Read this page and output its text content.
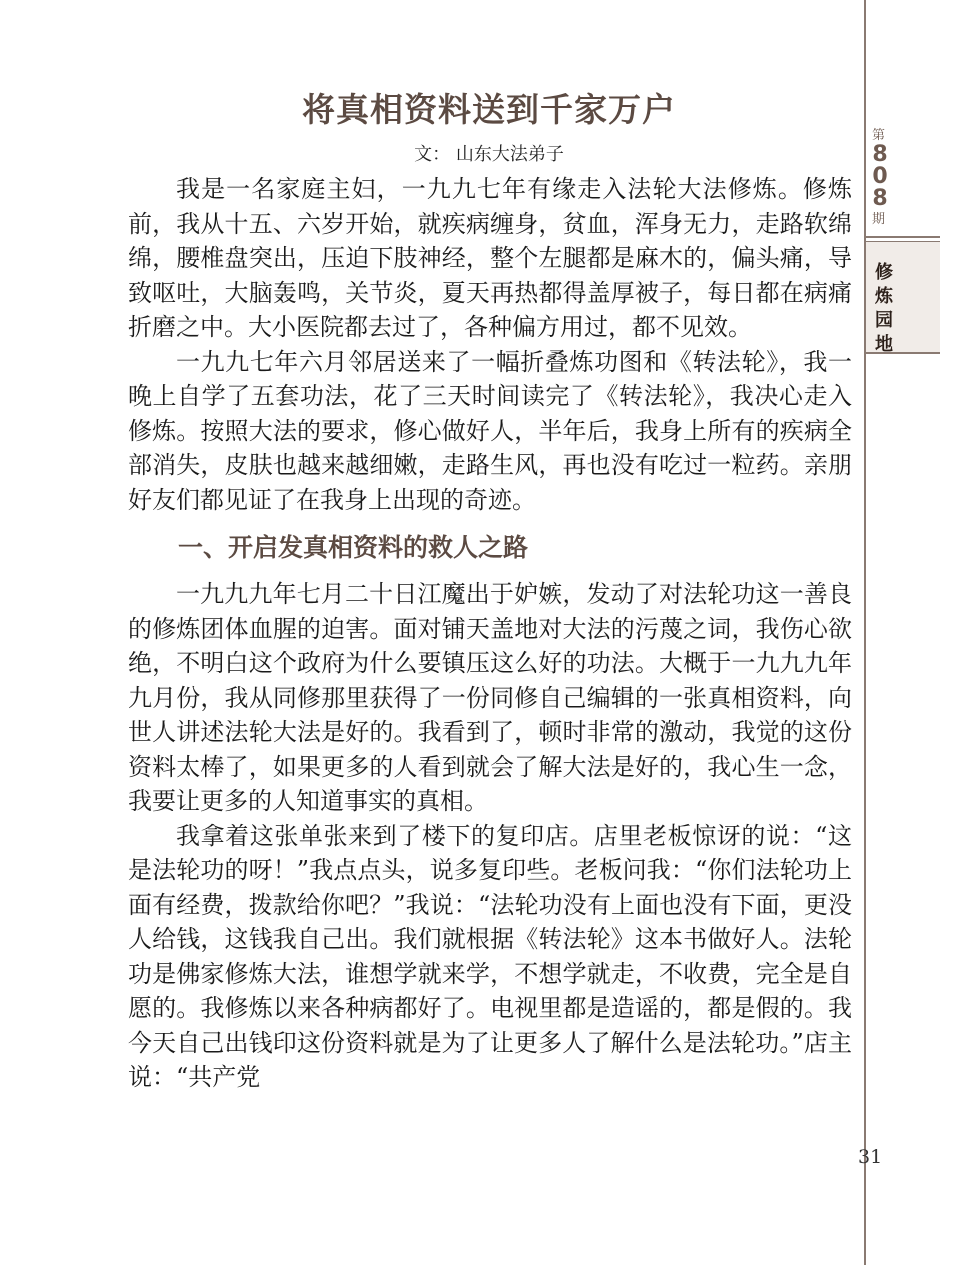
第
8
0
8
期
修
炼
园
地
将真相资料送到千家万户
文： 山东大法弟子

我是一名家庭主妇，一九九七年有缘走入法轮大法修炼。修炼前，我从十五、六岁开始，就疾病缠身，贫血，浑身无力，走路软绵绵，腰椎盘突出，压迫下肢神经，整个左腿都是麻木的，偏头痛，导致呕吐，大脑轰鸣，关节炎，夏天再热都得盖厚被子，每日都在病痛折磨之中。大小医院都去过了，各种偏方用过，都不见效。

一九九七年六月邻居送来了一幅折叠炼功图和《转法轮》，我一晚上自学了五套功法，花了三天时间读完了《转法轮》，我决心走入修炼。按照大法的要求，修心做好人，半年后，我身上所有的疾病全部消失，皮肤也越来越细嫩，走路生风，再也没有吃过一粒药。亲朋好友们都见证了在我身上出现的奇迹。

一、开启发真相资料的救人之路

一九九九年七月二十日江魔出于妒嫉，发动了对法轮功这一善良的修炼团体血腥的迫害。面对铺天盖地对大法的污蔑之词，我伤心欲绝，不明白这个政府为什么要镇压这么好的功法。大概于一九九九年九月份，我从同修那里获得了一份同修自己编辑的一张真相资料，向世人讲述法轮大法是好的。我看到了，顿时非常的激动，我觉的这份资料太棒了，如果更多的人看到就会了解大法是好的，我心生一念，我要让更多的人知道事实的真相。

我拿着这张单张来到了楼下的复印店。店里老板惊讶的说：“这是法轮功的呀！”我点点头，说多复印些。老板问我：“你们法轮功上面有经费，拨款给你吧？”我说：“法轮功没有上面也没有下面，更没人给钱，这钱我自己出。我们就根据《转法轮》这本书做好人。法轮功是佛家修炼大法，谁想学就来学，不想学就走，不收费，完全是自愿的。我修炼以来各种病都好了。电视里都是造谣的，都是假的。我今天自己出钱印这份资料就是为了让更多人了解什么是法轮功。”店主说：“共产党

31
